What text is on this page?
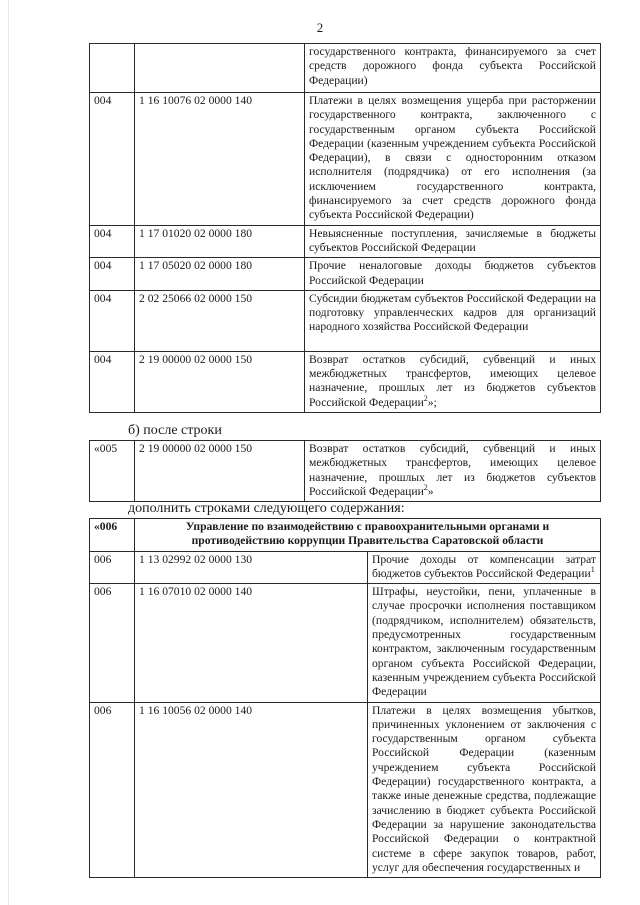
2
		государственного контракта, финансируемого за счет средств дорожного фонда субъекта Российской Федерации)
004	1 16 10076 02 0000 140	Платежи в целях возмещения ущерба при расторжении государственного контракта, заключенного с государственным органом субъекта Российской Федерации (казенным учреждением субъекта Российской Федерации), в связи с односторонним отказом исполнителя (подрядчика) от его исполнения (за исключением государственного контракта, финансируемого за счет средств дорожного фонда субъекта Российской Федерации)
004	1 17 01020 02 0000 180	Невыясненные поступления, зачисляемые в бюджеты субъектов Российской Федерации
004	1 17 05020 02 0000 180	Прочие неналоговые доходы бюджетов субъектов Российской Федерации
004	2 02 25066 02 0000 150	Субсидии бюджетам субъектов Российской Федерации на подготовку управленческих кадров для организаций народного хозяйства Российской Федерации
004	2 19 00000 02 0000 150	Возврат остатков субсидий, субвенций и иных межбюджетных трансфертов, имеющих целевое назначение, прошлых лет из бюджетов субъектов Российской Федерации$^2$»;
б) после строки
«005	2 19 00000 02 0000 150	Возврат остатков субсидий, субвенций и иных межбюджетных трансфертов, имеющих целевое назначение, прошлых лет из бюджетов субъектов Российской Федерации$^2$»
дополнить строками следующего содержания:
«006	Управление по взаимодействию с правоохранительными органами и противодействию коррупции Правительства Саратовской области	
006	1 13 02992 02 0000 130	Прочие доходы от компенсации затрат бюджетов субъектов Российской Федерации$^1$
006	1 16 07010 02 0000 140	Штрафы, неустойки, пени, уплаченные в случае просрочки исполнения поставщиком (подрядчиком, исполнителем) обязательств, предусмотренных государственным контрактом, заключенным государственным органом субъекта Российской Федерации, казенным учреждением субъекта Российской Федерации
006	1 16 10056 02 0000 140	Платежи в целях возмещения убытков, причиненных уклонением от заключения с государственным органом субъекта Российской Федерации (казенным учреждением субъекта Российской Федерации) государственного контракта, а также иные денежные средства, подлежащие зачислению в бюджет субъекта Российской Федерации за нарушение законодательства Российской Федерации о контрактной системе в сфере закупок товаров, работ, услуг для обеспечения государственных и
